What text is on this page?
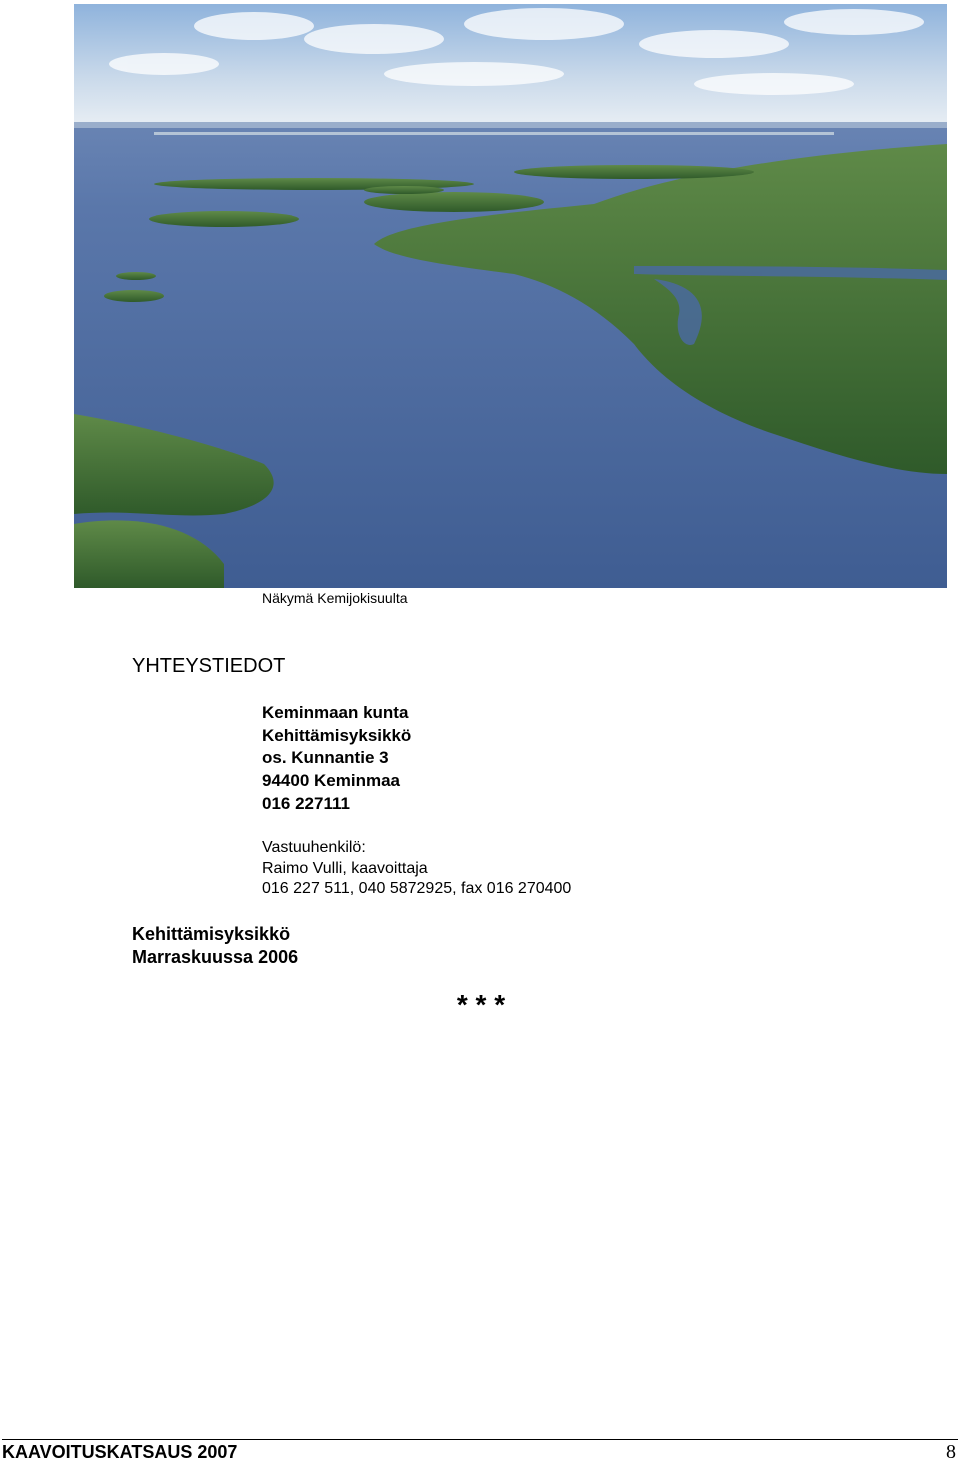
Näkymä Kemijokisuulta
YHTEYSTIEDOT
Keminmaan kunta
Kehittämisyksikkö
os. Kunnantie 3
94400 Keminmaa
016 227111
Vastuuhenkilö:
Raimo Vulli, kaavoittaja
016 227 511, 040 5872925, fax 016 270400
Kehittämisyksikkö
Marraskuussa 2006
* * *
KAAVOITUSKATSAUS 2007	8
